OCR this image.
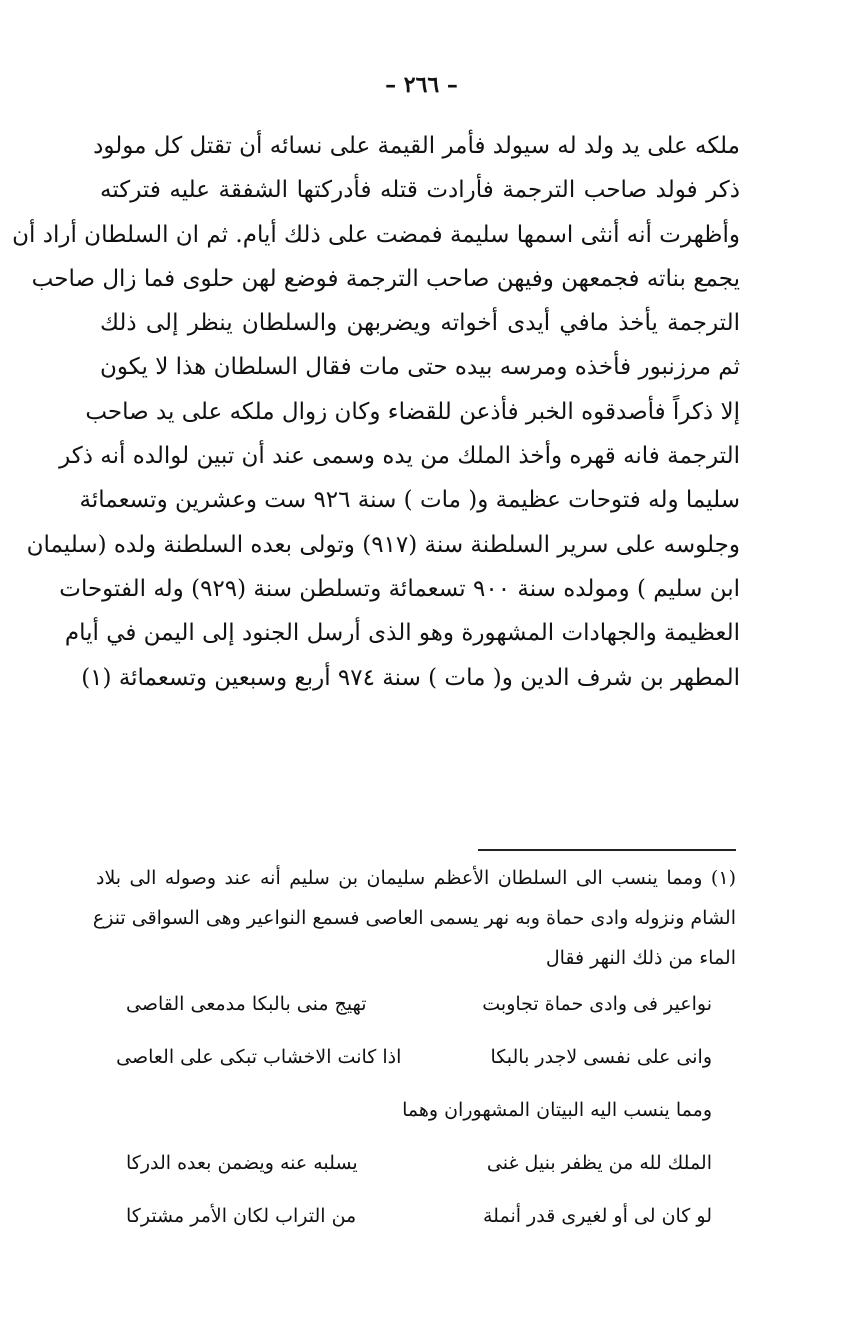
– ٢٦٦ –
ملكه على يد ولد له سيولد فأمر القيمة على نسائه أن تقتل كل مولود
ذكر فولد صاحب الترجمة فأرادت قتله فأدركتها الشفقة عليه فتركته
وأظهرت أنه أنثى اسمها سليمة فمضت على ذلك أيام. ثم ان السلطان أراد أن
يجمع بناته فجمعهن وفيهن صاحب الترجمة فوضع لهن حلوى فما زال صاحب
الترجمة يأخذ مافي أيدى أخواته ويضربهن والسلطان ينظر إلى ذلك
ثم مرزنبور فأخذه ومرسه بيده حتى مات فقال السلطان هذا لا يكون
إلا ذكراً فأصدقوه الخبر فأذعن للقضاء وكان زوال ملكه على يد صاحب
الترجمة فانه قهره وأخذ الملك من يده وسمى عند أن تبين لوالده أنه ذكر
سليما وله فتوحات عظيمة و( مات ) سنة ٩٢٦ ست وعشرين وتسعمائة
وجلوسه على سرير السلطنة سنة (٩١٧) وتولى بعده السلطنة ولده (سليمان
ابن سليم ) ومولده سنة ٩٠٠ تسعمائة وتسلطن سنة (٩٢٩) وله الفتوحات
العظيمة والجهادات المشهورة وهو الذى أرسل الجنود إلى اليمن في أيام
المطهر بن شرف الدين و( مات ) سنة ٩٧٤ أربع وسبعين وتسعمائة (١)
(١) ومما ينسب الى السلطان الأعظم سليمان بن سليم أنه عند وصوله الى بلاد
الشام ونزوله وادى حماة وبه نهر يسمى العاصى فسمع النواعير وهى السواقى تنزع
الماء من ذلك النهر فقال
نواعير فى وادى حماة تجاوبت
تهيج منى بالبكا مدمعى القاصى
وانى على نفسى لاجدر بالبكا
اذا كانت الاخشاب تبكى على العاصى
ومما ينسب اليه البيتان المشهوران وهما
الملك لله من يظفر بنيل غنى
يسلبه عنه ويضمن بعده الدركا
لو كان لى أو لغيرى قدر أنملة
من التراب لكان الأمر مشتركا
